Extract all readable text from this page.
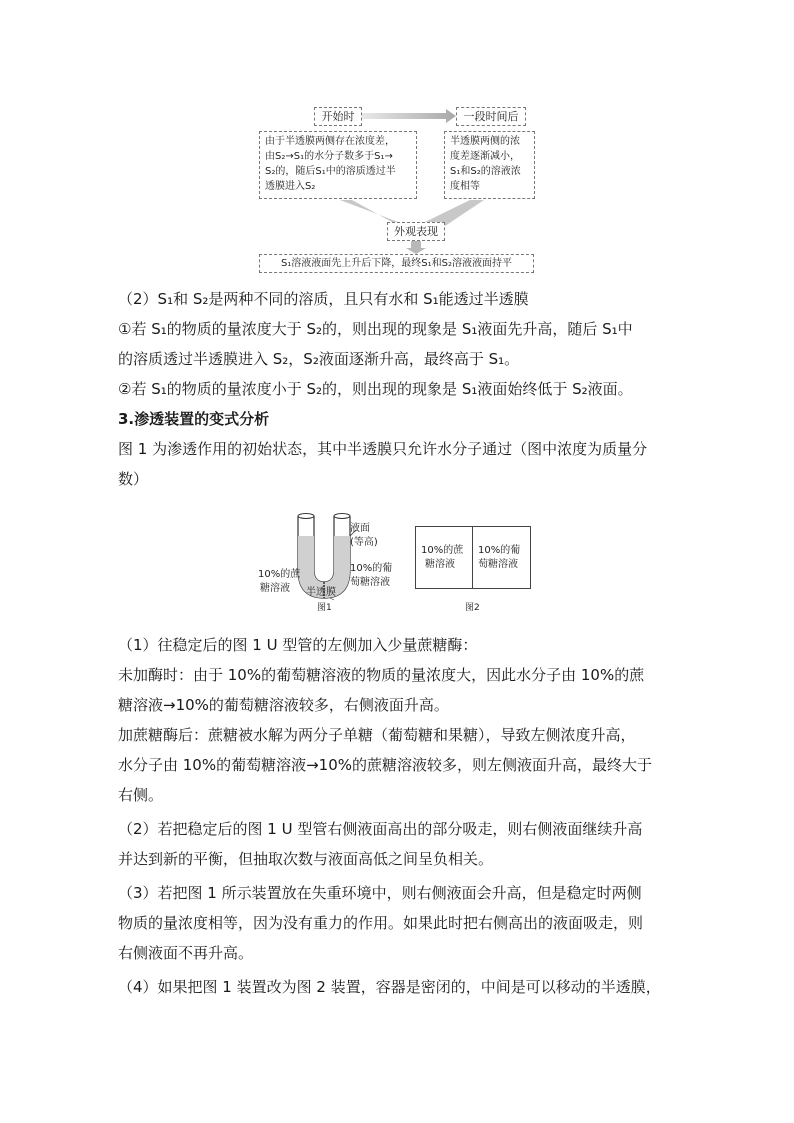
开始时	一段时间后
由于半透膜两侧存在浓度差，
由S₂→S₁的水分子数多于S₁→
S₂的，随后S₁中的溶质透过半
透膜进入S₂
半透膜两侧的浓
度差逐渐减小，
S₁和S₂的溶液浓
度相等
外观表现
S₁溶液液面先上升后下降，最终S₁和S₂溶液液面持平
（2）S₁和 S₂是两种不同的溶质，且只有水和 S₁能透过半透膜
①若 S₁的物质的量浓度大于 S₂的，则出现的现象是 S₁液面先升高，随后 S₁中
的溶质透过半透膜进入 S₂，S₂液面逐渐升高，最终高于 S₁。
②若 S₁的物质的量浓度小于 S₂的，则出现的现象是 S₁液面始终低于 S₂液面。
3.渗透装置的变式分析
图 1 为渗透作用的初始状态，其中半透膜只允许水分子通过（图中浓度为质量分
数）
液面
(等高)
10%的葡
萄糖溶液
10%的蔗
糖溶液 半透膜
图1
10%的蔗
糖溶液
10%的葡
萄糖溶液
图2
（1）往稳定后的图 1 U 型管的左侧加入少量蔗糖酶：
未加酶时：由于 10%的葡萄糖溶液的物质的量浓度大，因此水分子由 10%的蔗
糖溶液→10%的葡萄糖溶液较多，右侧液面升高。
加蔗糖酶后：蔗糖被水解为两分子单糖（葡萄糖和果糖），导致左侧浓度升高，
水分子由 10%的葡萄糖溶液→10%的蔗糖溶液较多，则左侧液面升高，最终大于
右侧。
（2）若把稳定后的图 1 U 型管右侧液面高出的部分吸走，则右侧液面继续升高
并达到新的平衡，但抽取次数与液面高低之间呈负相关。
（3）若把图 1 所示装置放在失重环境中，则右侧液面会升高，但是稳定时两侧
物质的量浓度相等，因为没有重力的作用。如果此时把右侧高出的液面吸走，则
右侧液面不再升高。
（4）如果把图 1 装置改为图 2 装置，容器是密闭的，中间是可以移动的半透膜，
